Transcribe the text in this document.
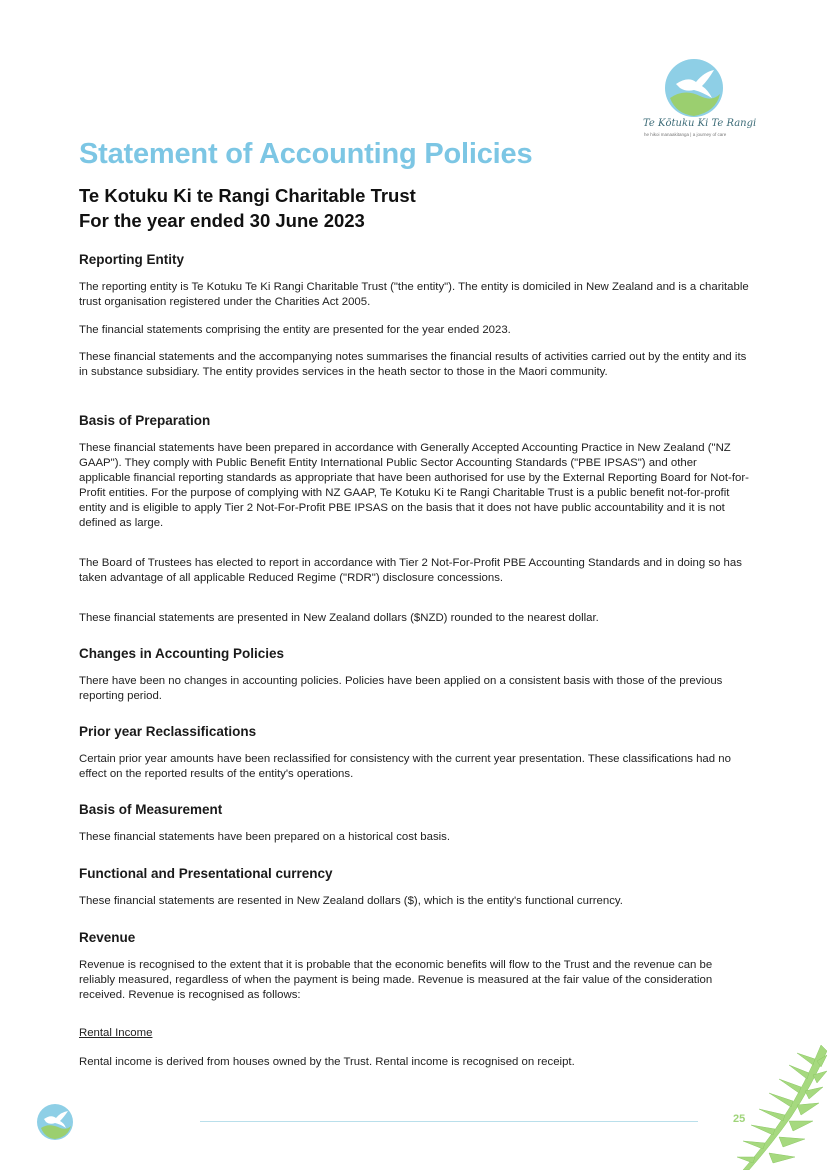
Te Kōtuku Ki Te Rangi
he hikoi manaakitanga | a journey of care
Statement of Accounting Policies
Te Kotuku Ki te Rangi Charitable Trust
For the year ended 30 June 2023
Reporting Entity

The reporting entity is Te Kotuku Te Ki Rangi Charitable Trust ("the entity"). The entity is domiciled in New Zealand and is a charitable trust organisation registered under the Charities Act 2005.

The financial statements comprising the entity are presented for the year ended 2023.

These financial statements and the accompanying notes summarises the financial results of activities carried out by the entity and its in substance subsidiary. The entity provides services in the heath sector to those in the Maori community.

Basis of Preparation

These financial statements have been prepared in accordance with Generally Accepted Accounting Practice in New Zealand ("NZ GAAP"). They comply with Public Benefit Entity International Public Sector Accounting Standards ("PBE IPSAS") and other applicable financial reporting standards as appropriate that have been authorised for use by the External Reporting Board for Not-for-Profit entities. For the purpose of complying with NZ GAAP, Te Kotuku Ki te Rangi Charitable Trust is a public benefit not-for-profit entity and is eligible to apply Tier 2 Not-For-Profit PBE IPSAS on the basis that it does not have public accountability and it is not defined as large.

The Board of Trustees has elected to report in accordance with Tier 2 Not-For-Profit PBE Accounting Standards and in doing so has taken advantage of all applicable Reduced Regime ("RDR") disclosure concessions.

These financial statements are presented in New Zealand dollars ($NZD) rounded to the nearest dollar.

Changes in Accounting Policies

There have been no changes in accounting policies. Policies have been applied on a consistent basis with those of the previous reporting period.

Prior year Reclassifications

Certain prior year amounts have been reclassified for consistency with the current year presentation. These classifications had no effect on the reported results of the entity's operations.

Basis of Measurement

These financial statements have been prepared on a historical cost basis.

Functional and Presentational currency

These financial statements are resented in New Zealand dollars ($), which is the entity's functional currency.

Revenue

Revenue is recognised to the extent that it is probable that the economic benefits will flow to the Trust and the revenue can be reliably measured, regardless of when the payment is being made. Revenue is measured at the fair value of the consideration received. Revenue is recognised as follows:

Rental Income

Rental income is derived from houses owned by the Trust. Rental income is recognised on receipt.

25
